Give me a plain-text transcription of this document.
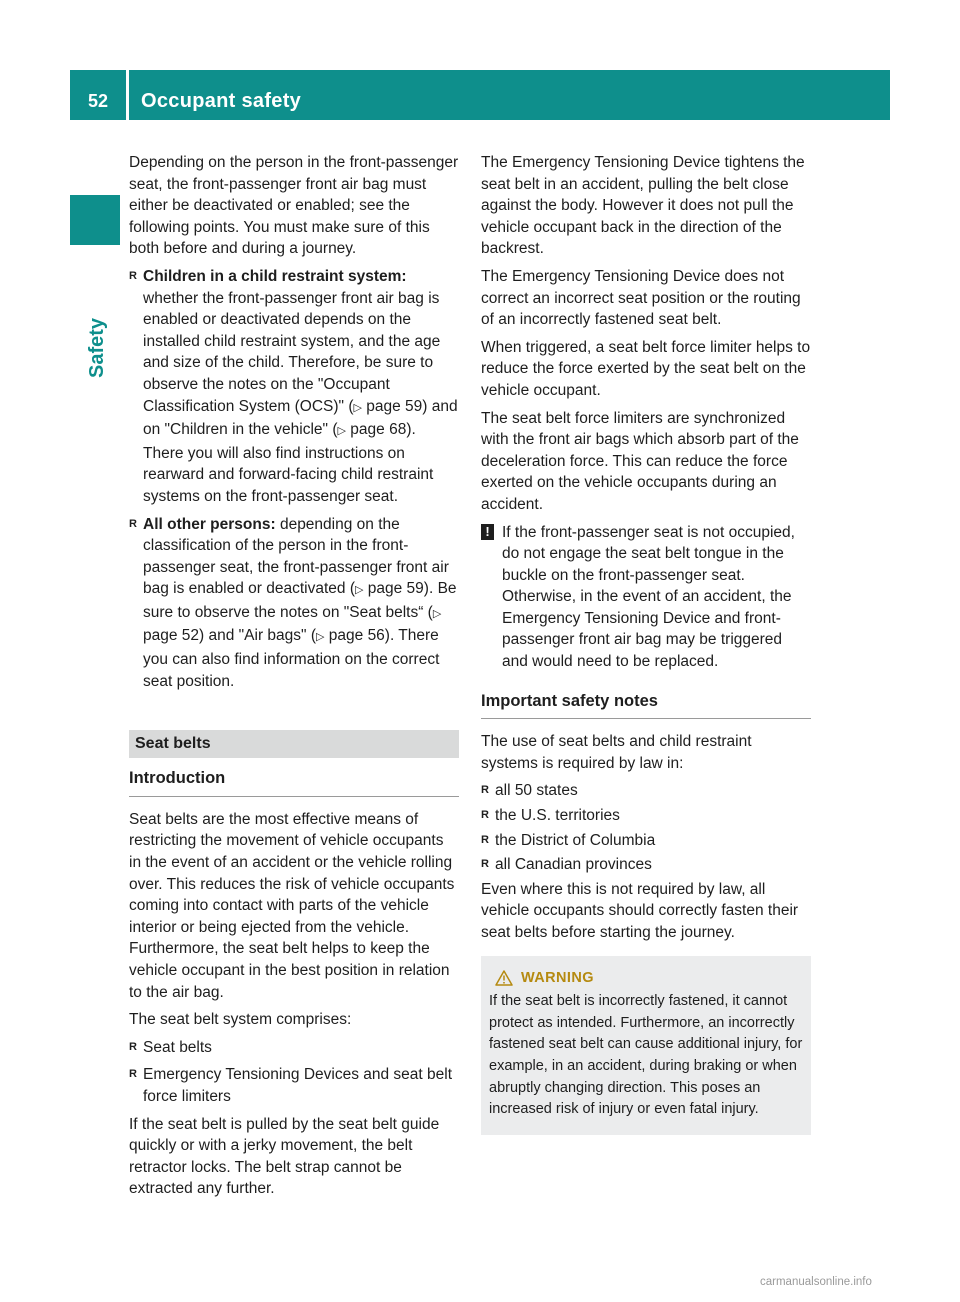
52	Occupant safety
Safety

Depending on the person in the front-passenger seat, the front-passenger front air bag must either be deactivated or enabled; see the following points. You must make sure of this both before and during a journey.

R Children in a child restraint system: whether the front-passenger front air bag is enabled or deactivated depends on the installed child restraint system, and the age and size of the child. Therefore, be sure to observe the notes on the "Occupant Classification System (OCS)" (▷ page 59) and on "Children in the vehicle" (▷ page 68). There you will also find instructions on rearward and forward-facing child restraint systems on the front-passenger seat.
R All other persons: depending on the classification of the person in the front-passenger seat, the front-passenger front air bag is enabled or deactivated (▷ page 59). Be sure to observe the notes on "Seat belts“ (▷ page 52) and "Air bags" (▷ page 56). There you can also find information on the correct seat position.
Seat belts
Introduction

Seat belts are the most effective means of restricting the movement of vehicle occupants in the event of an accident or the vehicle rolling over. This reduces the risk of vehicle occupants coming into contact with parts of the vehicle interior or being ejected from the vehicle. Furthermore, the seat belt helps to keep the vehicle occupant in the best position in relation to the air bag.

The seat belt system comprises:

R Seat belts
R Emergency Tensioning Devices and seat belt force limiters

If the seat belt is pulled by the seat belt guide quickly or with a jerky movement, the belt retractor locks. The belt strap cannot be extracted any further.

The Emergency Tensioning Device tightens the seat belt in an accident, pulling the belt close against the body. However it does not pull the vehicle occupant back in the direction of the backrest.

The Emergency Tensioning Device does not correct an incorrect seat position or the routing of an incorrectly fastened seat belt.

When triggered, a seat belt force limiter helps to reduce the force exerted by the seat belt on the vehicle occupant.

The seat belt force limiters are synchronized with the front air bags which absorb part of the deceleration force. This can reduce the force exerted on the vehicle occupants during an accident.

! If the front-passenger seat is not occupied, do not engage the seat belt tongue in the buckle on the front-passenger seat. Otherwise, in the event of an accident, the Emergency Tensioning Device and front-passenger front air bag may be triggered and would need to be replaced.
Important safety notes

The use of seat belts and child restraint systems is required by law in:

R all 50 states
R the U.S. territories
R the District of Columbia
R all Canadian provinces

Even where this is not required by law, all vehicle occupants should correctly fasten their seat belts before starting the journey.

WARNING
If the seat belt is incorrectly fastened, it cannot protect as intended. Furthermore, an incorrectly fastened seat belt can cause additional injury, for example, in an accident, during braking or when abruptly changing direction. This poses an increased risk of injury or even fatal injury.
carmanualsonline.info
